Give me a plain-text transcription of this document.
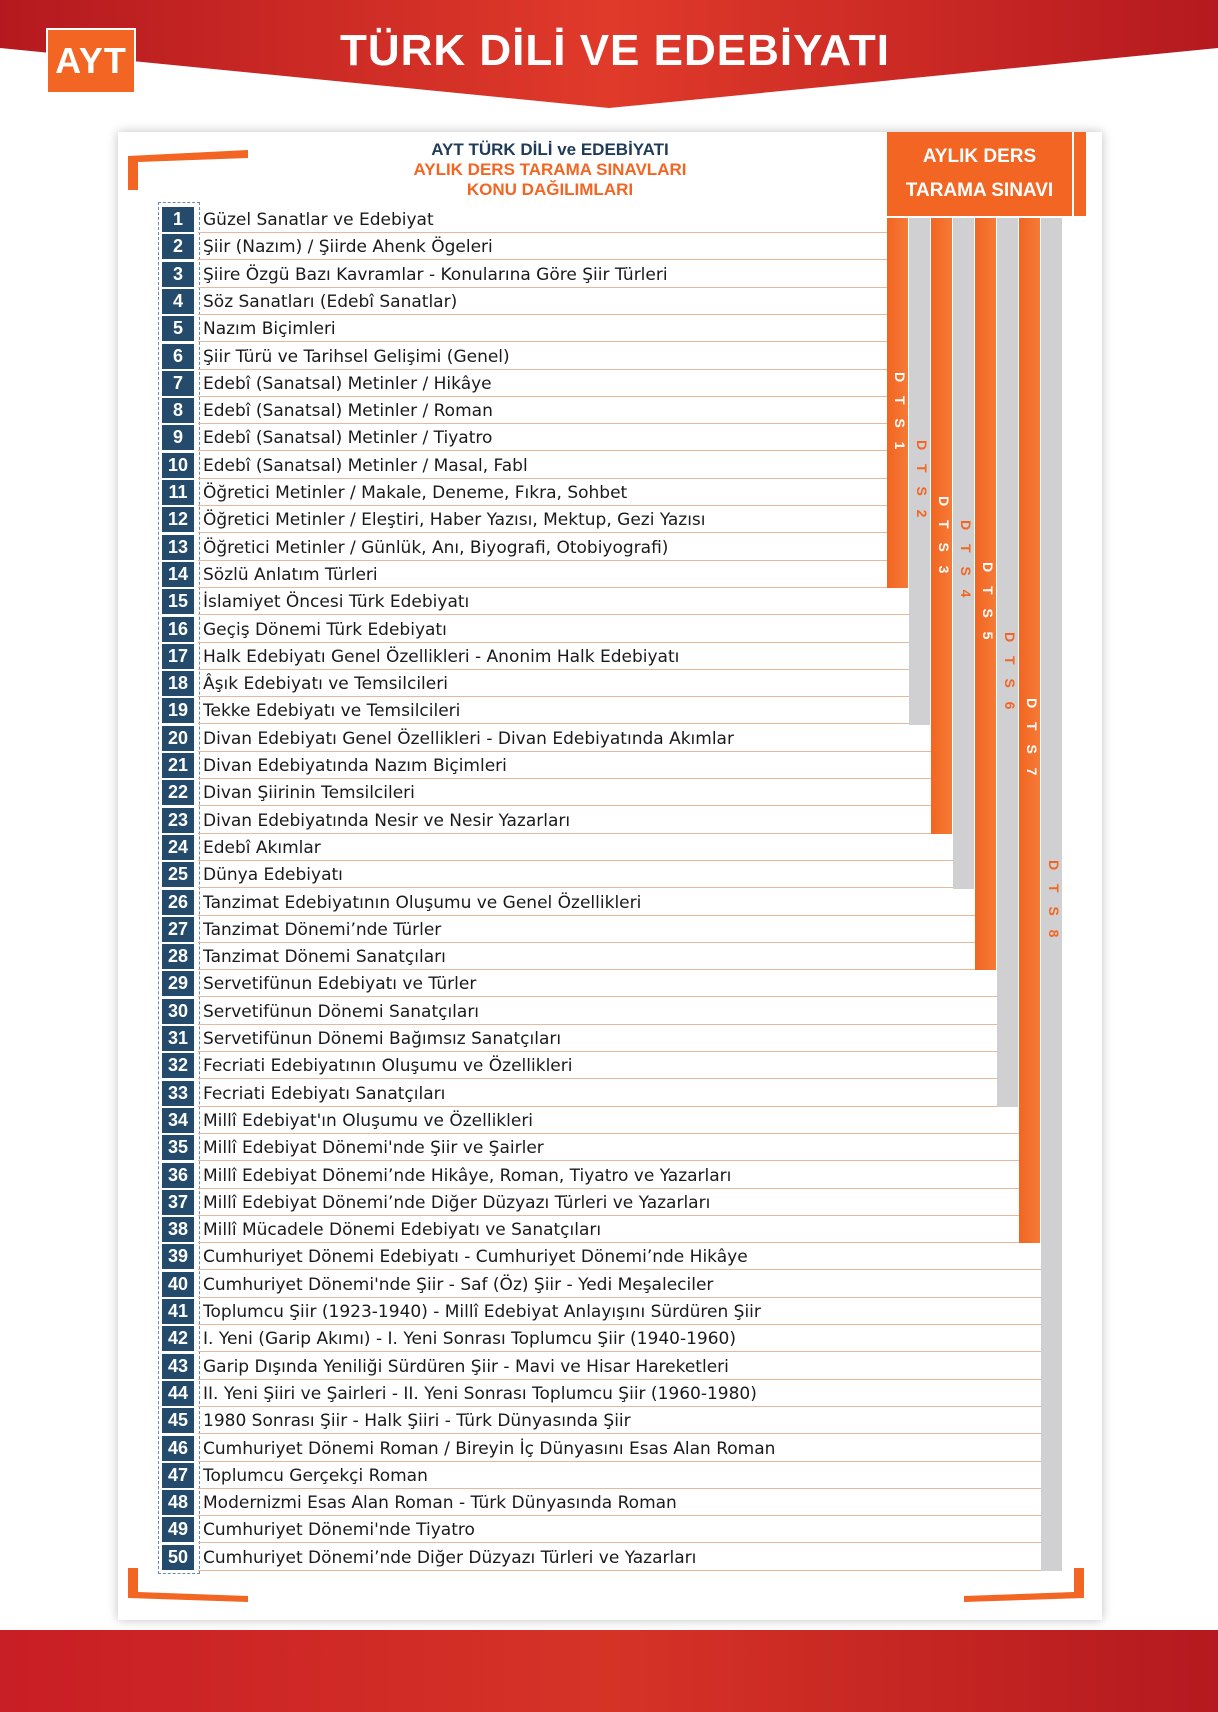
AYT	TÜRK DİLİ VE EDEBİYATI
AYT TÜRK DİLİ ve EDEBİYATI
AYLIK DERS TARAMA SINAVLARI
KONU DAĞILIMLARI
AYLIK DERS
TARAMA SINAVI
1	Güzel Sanatlar ve Edebiyat
2	Şiir (Nazım) / Şiirde Ahenk Ögeleri
3	Şiire Özgü Bazı Kavramlar - Konularına Göre Şiir Türleri
4	Söz Sanatları (Edebî Sanatlar)
5	Nazım Biçimleri
6	Şiir Türü ve Tarihsel Gelişimi (Genel)
7	Edebî (Sanatsal) Metinler / Hikâye
8	Edebî (Sanatsal) Metinler / Roman
9	Edebî (Sanatsal) Metinler / Tiyatro
10 Edebî (Sanatsal) Metinler / Masal, Fabl
11 Öğretici Metinler / Makale, Deneme, Fıkra, Sohbet
12 Öğretici Metinler / Eleştiri, Haber Yazısı, Mektup, Gezi Yazısı
13 Öğretici Metinler / Günlük, Anı, Biyografi, Otobiyografi)
14 Sözlü Anlatım Türleri
15 İslamiyet Öncesi Türk Edebiyatı
16 Geçiş Dönemi Türk Edebiyatı
17 Halk Edebiyatı Genel Özellikleri - Anonim Halk Edebiyatı
18 Âşık Edebiyatı ve Temsilcileri
19 Tekke Edebiyatı ve Temsilcileri
20 Divan Edebiyatı Genel Özellikleri - Divan Edebiyatında Akımlar
21 Divan Edebiyatında Nazım Biçimleri
22 Divan Şiirinin Temsilcileri
23 Divan Edebiyatında Nesir ve Nesir Yazarları
24 Edebî Akımlar
25 Dünya Edebiyatı
26 Tanzimat Edebiyatının Oluşumu ve Genel Özellikleri
27 Tanzimat Dönemi’nde Türler
28 Tanzimat Dönemi Sanatçıları
29 Servetifünun Edebiyatı ve Türler
30 Servetifünun Dönemi Sanatçıları
31 Servetifünun Dönemi Bağımsız Sanatçıları
32 Fecriati Edebiyatının Oluşumu ve Özellikleri
33 Fecriati Edebiyatı Sanatçıları
34 Millî Edebiyat'ın Oluşumu ve Özellikleri
35 Millî Edebiyat Dönemi'nde Şiir ve Şairler
36 Millî Edebiyat Dönemi’nde Hikâye, Roman, Tiyatro ve Yazarları
37 Millî Edebiyat Dönemi’nde Diğer Düzyazı Türleri ve Yazarları
38 Millî Mücadele Dönemi Edebiyatı ve Sanatçıları
39 Cumhuriyet Dönemi Edebiyatı - Cumhuriyet Dönemi’nde Hikâye
40 Cumhuriyet Dönemi'nde Şiir - Saf (Öz) Şiir - Yedi Meşaleciler
41 Toplumcu Şiir (1923-1940) - Millî Edebiyat Anlayışını Sürdüren Şiir
42 I. Yeni (Garip Akımı) - I. Yeni Sonrası Toplumcu Şiir (1940-1960)
43 Garip Dışında Yeniliği Sürdüren Şiir - Mavi ve Hisar Hareketleri
44 II. Yeni Şiiri ve Şairleri - II. Yeni Sonrası Toplumcu Şiir (1960-1980)
45 1980 Sonrası Şiir - Halk Şiiri - Türk Dünyasında Şiir
46 Cumhuriyet Dönemi Roman / Bireyin İç Dünyasını Esas Alan Roman
47 Toplumcu Gerçekçi Roman
48 Modernizmi Esas Alan Roman - Türk Dünyasında Roman
49 Cumhuriyet Dönemi'nde Tiyatro
50 Cumhuriyet Dönemi’nde Diğer Düzyazı Türleri ve Yazarları
D T S 1
D T S 2
D T S 3 D T S 4
D T S 5
D T S 6
D T S 7
D T S 8
